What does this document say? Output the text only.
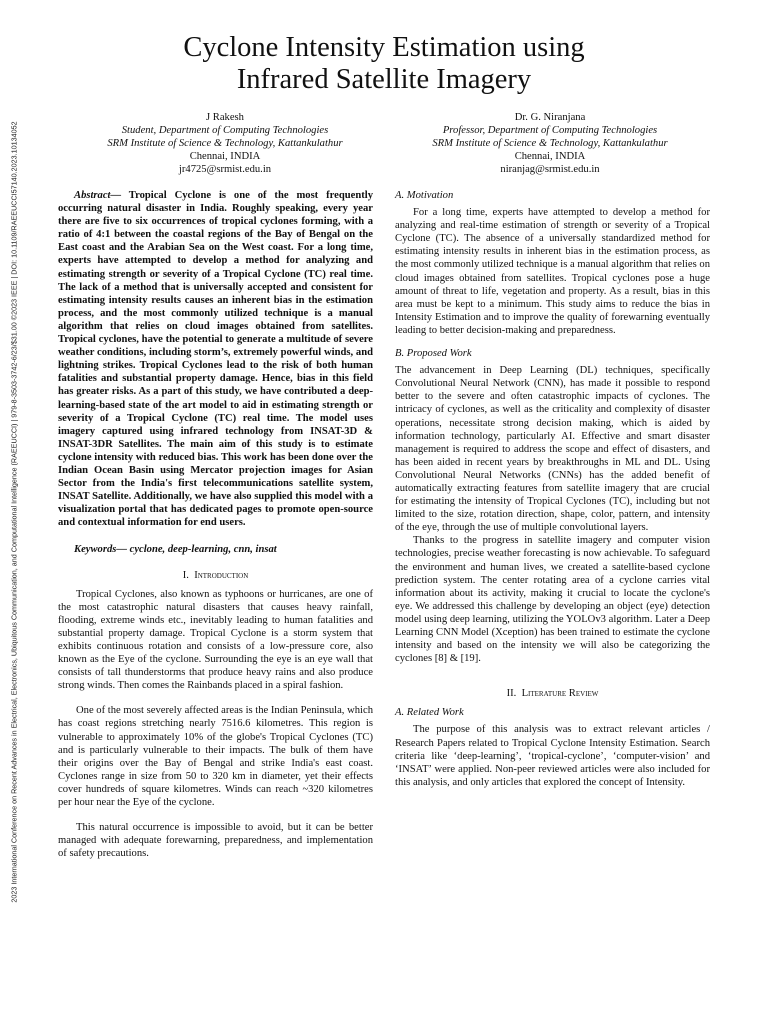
2023 International Conference on Recent Advances in Electrical, Electronics, Ubiquitous Communication, and Computational Intelligence (RAEEUCCI) | 979-8-3503-3742-6/23/$31.00 ©2023 IEEE | DOI: 10.1109/RAEEUCCI57140.2023.10134052
Cyclone Intensity Estimation using
Infrared Satellite Imagery
J Rakesh
Student, Department of Computing Technologies
SRM Institute of Science & Technology, Kattankulathur
Chennai, INDIA
jr4725@srmist.edu.in
Dr. G. Niranjana
Professor, Department of Computing Technologies
SRM Institute of Science & Technology, Kattankulathur
Chennai, INDIA
niranjag@srmist.edu.in

Abstract— Tropical Cyclone is one of the most frequently occurring natural disaster in India. Roughly speaking, every year there are five to six occurrences of tropical cyclones forming, with a ratio of 4:1 between the coastal regions of the Bay of Bengal on the East coast and the Arabian Sea on the West coast. For a long time, experts have attempted to develop a method for analyzing and estimating strength or severity of a Tropical Cyclone (TC) real time. The lack of a method that is universally accepted and consistent for estimating intensity results causes an inherent bias in the estimation process, and the most commonly utilized technique is a manual algorithm that relies on cloud images obtained from satellites. Tropical cyclones, have the potential to generate a multitude of severe weather conditions, including storm’s, extremely powerful winds, and lightning strikes. Tropical Cyclones lead to the risk of both human fatalities and substantial property damage. Hence, bias in this field has greater risks. As a part of this study, we have contributed a deep-learning-based state of the art model to aid in estimating strength or severity of a Tropical Cyclone (TC) real time. The model uses imagery captured using infrared technology from INSAT-3D & INSAT-3DR Satellites. The main aim of this study is to estimate cyclone intensity with reduced bias. This work has been done over the Indian Ocean Basin using Mercator projection images for Asian Sector from the India's first telecommunications satellite system, INSAT Satellite. Additionally, we have also supplied this model with a visualization portal that has dedicated pages to promote open-source and contextual information for end users.

Keywords— cyclone, deep-learning, cnn, insat

I. Introduction

Tropical Cyclones, also known as typhoons or hurricanes, are one of the most catastrophic natural disasters that causes heavy rainfall, flooding, extreme winds etc., inevitably leading to human fatalities and substantial property damage. Tropical Cyclone is a storm system that exhibits continuous rotation and consists of a low-pressure core, also known as the Eye of the cyclone. Surrounding the eye is an eye wall that consists of tall thunderstorms that produce heavy rains and also produce strong winds. Then comes the Rainbands placed in a spiral fashion.

One of the most severely affected areas is the Indian Peninsula, which has coast regions stretching nearly 7516.6 kilometres. This region is vulnerable to approximately 10% of the globe's Tropical Cyclones (TC) and is particularly vulnerable to their impacts. The bulk of them have their origins over the Bay of Bengal and strike India's east coast. Cyclones range in size from 50 to 320 km in diameter, yet their effects cover hundreds of square kilometres. Winds can reach ~320 kilometres per hour near the Eye of the cyclone.

This natural occurrence is impossible to avoid, but it can be better managed with adequate forewarning, preparedness, and implementation of safety precautions.

A. Motivation

For a long time, experts have attempted to develop a method for analyzing and real-time estimation of strength or severity of a Tropical Cyclone (TC). The absence of a universally standardized method for estimating intensity results in inherent bias in the estimation process, as the most commonly utilized technique is a manual algorithm that relies on cloud images obtained from satellites. Tropical cyclones pose a huge amount of threat to life, vegetation and property. As a result, bias in this area must be kept to a minimum. This study aims to reduce the bias in Intensity Estimation and to improve the quality of forewarning eventually leading to better decision-making and preparedness.

B. Proposed Work

The advancement in Deep Learning (DL) techniques, specifically Convolutional Neural Network (CNN), has made it possible to respond better to the severe and often catastrophic impacts of cyclones. The intricacy of cyclones, as well as the criticality and complexity of disaster operations, necessitate strong decision making, which is aided by information technology, particularly AI. Effective and smart disaster management is required to address the scope and effect of disasters, and has been aided in recent years by breakthroughs in ML and DL. Using Convolutional Neural Networks (CNNs) has the added benefit of automatically extracting features from satellite imagery that are crucial for estimating the intensity of Tropical Cyclones (TC), including but not limited to the size, rotation direction, shape, color, pattern, and intensity of the eye, through the use of multiple convolutional layers.

Thanks to the progress in satellite imagery and computer vision technologies, precise weather forecasting is now achievable. To safeguard the environment and human lives, we created a satellite-based cyclone prediction system. The center rotating area of a cyclone carries vital information about its activity, making it crucial to locate the cyclone's eye. We addressed this challenge by developing an object (eye) detection model using deep learning, utilizing the YOLOv3 algorithm. Later a Deep Learning CNN Model (Xception) has been trained to estimate the cyclone intensity and based on the intensity we will also be categorizing the cyclones [8] & [19].

II. Literature Review
A. Related Work

The purpose of this analysis was to extract relevant articles / Research Papers related to Tropical Cyclone Intensity Estimation. Search criteria like ‘deep-learning’, ‘tropical-cyclone’, ‘computer-vision’ and ‘INSAT’ were applied. Non-peer reviewed articles were also included for this analysis, and only articles that explored the concept of Intensity.
